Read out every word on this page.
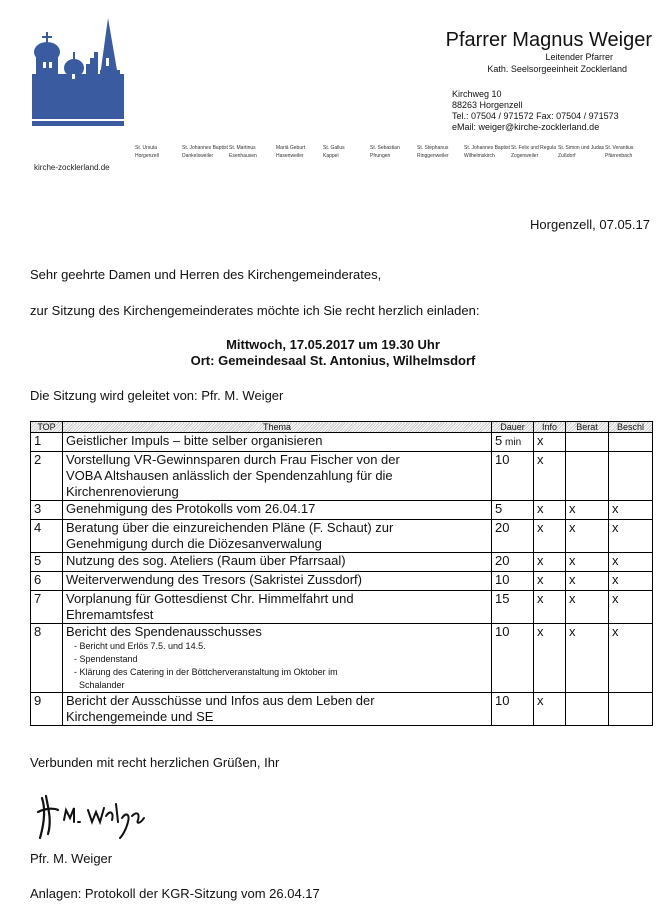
Seelsorgeeinheit
Zocklerland
kirche-zocklerland.de
St. Ursula
Horgenzell
St. Johannes Baptist
Dankelsweiler
St. Martinus
Esenhausen
Mariä Geburt
Hasenweiler
St. Gallus
Kappel
St. Sebastian
Pfrungen
St. Stephanus
Ringgenweiler
St. Johannes Baptist
Wilhelmskirch
St. Felix und Regula
Zogenweiler
St. Simon und Judas
Zußdorf
St. Verantius
Pfärrenbach
Pfarrer Magnus Weiger
Leitender Pfarrer
Kath. Seelsorgeeinheit Zocklerland
Kirchweg 10
88263 Horgenzell
Tel.: 07504 / 971572 Fax: 07504 / 971573
eMail: weiger@kirche-zocklerland.de
Horgenzell, 07.05.17
Sehr geehrte Damen und Herren des Kirchengemeinderates,
zur Sitzung des Kirchengemeinderates möchte ich Sie recht herzlich einladen:
Mittwoch, 17.05.2017 um 19.30 Uhr
Ort: Gemeindesaal St. Antonius, Wilhelmsdorf
Die Sitzung wird geleitet von: Pfr. M. Weiger
TOP	Thema	Dauer	Info	Berat	Beschl
1	Geistlicher Impuls – bitte selber organisieren	5 min	x		
2	Vorstellung VR-Gewinnsparen durch Frau Fischer von der
VOBA Altshausen anlässlich der Spendenzahlung für die
Kirchenrenovierung	10	x		
3	Genehmigung des Protokolls vom 26.04.17	5	x	x	x
4	Beratung über die einzureichenden Pläne (F. Schaut) zur
Genehmigung durch die Diözesanverwalung	20	x	x	x
5	Nutzung des sog. Ateliers (Raum über Pfarrsaal)	20	x	x	x
6	Weiterverwendung des Tresors (Sakristei Zussdorf)	10	x	x	x
7	Vorplanung für Gottesdienst Chr. Himmelfahrt und
Ehremamtsfest	15	x	x	x
8	Bericht des Spendenausschusses
- Bericht und Erlös 7.5. und 14.5.
- Spendenstand
- Klärung des Catering in der Böttcherveranstaltung im Oktober im
Schalander	10	x	x	x
9	Bericht der Ausschüsse und Infos aus dem Leben der
Kirchengemeinde und SE	10	x		
Verbunden mit recht herzlichen Grüßen, Ihr
Pfr. M. Weiger
Anlagen: Protokoll der KGR-Sitzung vom 26.04.17
